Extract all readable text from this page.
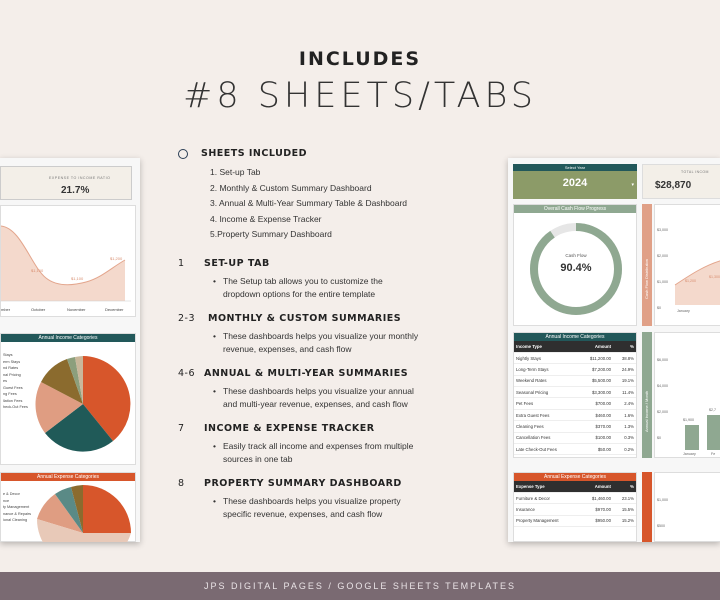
INCLUDES
#8 SHEETS/TABS
EXPENSE TO INCOME RATIO
21.7%
$1,100
$1,100
$1,200
mber	October	November	December
Annual Income Categories
Stays
erm Stays
nd Rates
nal Pricing
es
Guest Fees
ng Fees
llation Fees
heck-Out Fees
Annual Expense Categories
e & Decor
nce
ty Management
nance & Repairs
ional Cleaning
SHEETS INCLUDED
1. Set-up Tab
2. Monthly & Custom Summary Dashboard
3. Annual & Multi-Year Summary Table & Dashboard
4. Income & Expense Tracker
5.Property Summary Dashboard
1	SET-UP TAB
• The Setup tab allows you to customize the
dropdown options for the entire template
2-3	MONTHLY & CUSTOM SUMMARIES
• These dashboards helps you visualize your monthly
revenue, expenses, and cash flow
4-6 ANNUAL & MULTI-YEAR SUMMARIES
• These dashboards helps you visualize your annual
and multi-year revenue, expenses, and cash flow
7	INCOME & EXPENSE TRACKER
• Easily track all income and expenses from multiple
sources in one tab
8	PROPERTY SUMMARY DASHBOARD
• These dashboards helps you visualize property
specific revenue, expenses, and cash flow
Select Year
2024	▾
TOTAL INCOM
$28,870
Overall Cash Flow Progress
Cash Flow
90.4%	Cash Flow Distribution
$3,000
$2,000
$1,000
$0
$1,200
$1,300
January
Annual Income Categories
Income Type	Amount	%
Nightly Stays	$11,200.00	38.8%
Long-Term Stays	$7,200.00	24.9%
Weekend Rates	$5,500.00	19.1%
Seasonal Pricing	$3,300.00	11.4%
Pet Fees	$700.00	2.4%
Extra Guest Fees	$460.00	1.6%
Cleaning Fees	$370.00	1.3%
Cancellation Fees	$100.00	0.3%
Late Check-Out Fees	$50.00	0.2%
Annual Income / Month
$6,000
$4,000
$2,000
$0
$1,900
$2,7
January	Fe
Annual Expense Categories
Expense Type	Amount	%
Furniture & Decor	$1,460.00	23.1%
Insurance	$970.00	15.5%
Property Management	$950.00	15.2%
$1,000
$500
JPS DIGITAL PAGES / GOOGLE SHEETS TEMPLATES
